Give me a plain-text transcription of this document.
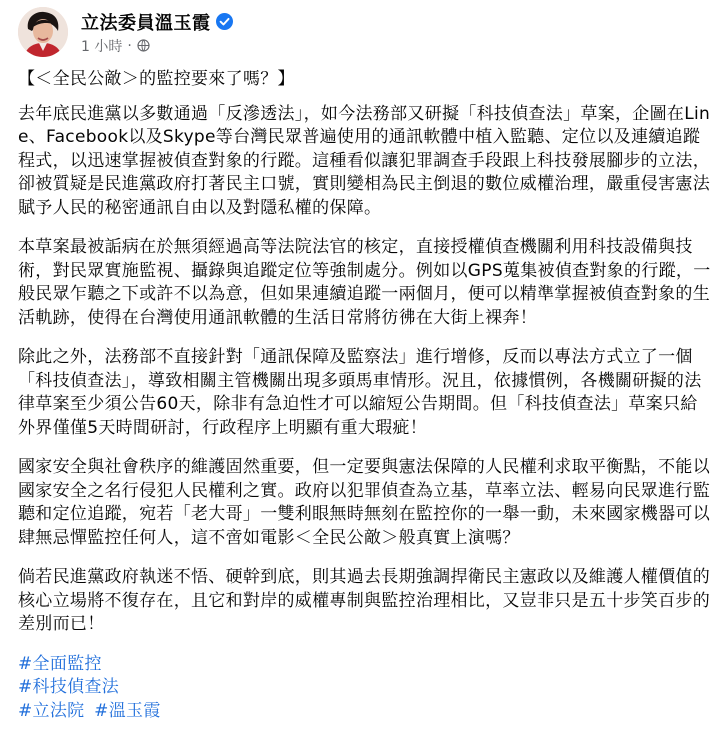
立法委員溫玉霞
1 小時 ·

【＜全民公敵＞的監控要來了嗎？】

去年底民進黨以多數通過「反滲透法」，如今法務部又研擬「科技偵查法」草案，企圖在Line、Facebook以及Skype等台灣民眾普遍使用的通訊軟體中植入監聽、定位以及連續追蹤程式，以迅速掌握被偵查對象的行蹤。這種看似讓犯罪調查手段跟上科技發展腳步的立法，卻被質疑是民進黨政府打著民主口號，實則變相為民主倒退的數位威權治理，嚴重侵害憲法賦予人民的秘密通訊自由以及對隱私權的保障。

本草案最被詬病在於無須經過高等法院法官的核定，直接授權偵查機關利用科技設備與技術，對民眾實施監視、攝錄與追蹤定位等強制處分。例如以GPS蒐集被偵查對象的行蹤，一般民眾乍聽之下或許不以為意，但如果連續追蹤一兩個月，便可以精準掌握被偵查對象的生活軌跡，使得在台灣使用通訊軟體的生活日常將彷彿在大街上裸奔！

除此之外，法務部不直接針對「通訊保障及監察法」進行增修，反而以專法方式立了一個「科技偵查法」，導致相關主管機關出現多頭馬車情形。況且，依據慣例，各機關研擬的法律草案至少須公告60天，除非有急迫性才可以縮短公告期間。但「科技偵查法」草案只給外界僅僅5天時間研討，行政程序上明顯有重大瑕疵！

國家安全與社會秩序的維護固然重要，但一定要與憲法保障的人民權利求取平衡點，不能以國家安全之名行侵犯人民權利之實。政府以犯罪偵查為立基，草率立法、輕易向民眾進行監聽和定位追蹤，宛若「老大哥」一雙利眼無時無刻在監控你的一舉一動，未來國家機器可以肆無忌憚監控任何人，這不啻如電影＜全民公敵＞般真實上演嗎？

倘若民進黨政府執迷不悟、硬幹到底，則其過去長期強調捍衛民主憲政以及維護人權價值的核心立場將不復存在，且它和對岸的威權專制與監控治理相比，又豈非只是五十步笑百步的差別而已！

#全面監控
#科技偵查法
#立法院 #溫玉霞
